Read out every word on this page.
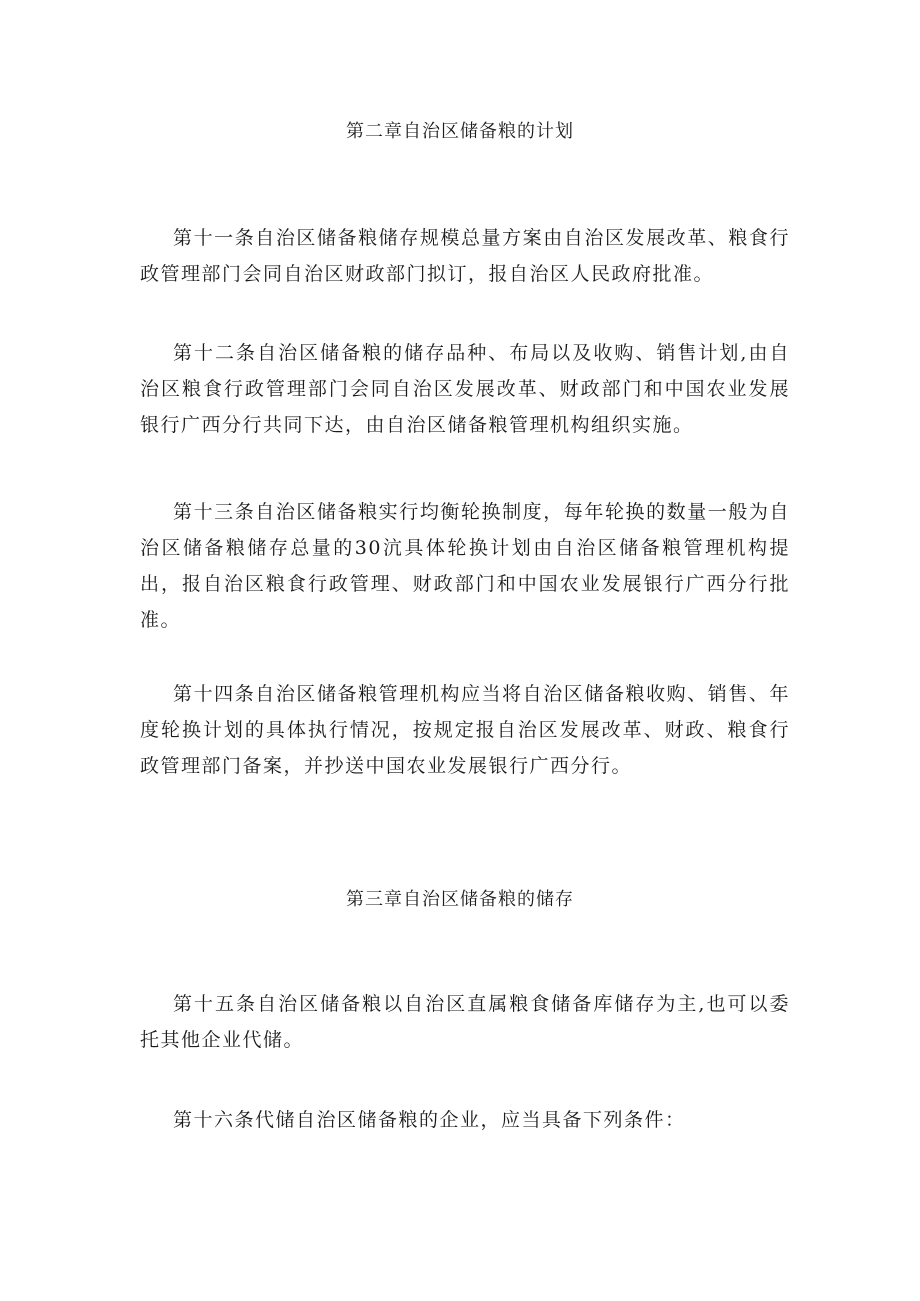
第二章自治区储备粮的计划

第十一条自治区储备粮储存规模总量方案由自治区发展改革、粮食行政管理部门会同自治区财政部门拟订，报自治区人民政府批准。

第十二条自治区储备粮的储存品种、布局以及收购、销售计划,由自治区粮食行政管理部门会同自治区发展改革、财政部门和中国农业发展银行广西分行共同下达，由自治区储备粮管理机构组织实施。

第十三条自治区储备粮实行均衡轮换制度，每年轮换的数量一般为自治区储备粮储存总量的30沆具体轮换计划由自治区储备粮管理机构提出，报自治区粮食行政管理、财政部门和中国农业发展银行广西分行批准。

第十四条自治区储备粮管理机构应当将自治区储备粮收购、销售、年度轮换计划的具体执行情况，按规定报自治区发展改革、财政、粮食行政管理部门备案，并抄送中国农业发展银行广西分行。

第三章自治区储备粮的储存

第十五条自治区储备粮以自治区直属粮食储备库储存为主,也可以委托其他企业代储。

第十六条代储自治区储备粮的企业，应当具备下列条件：
